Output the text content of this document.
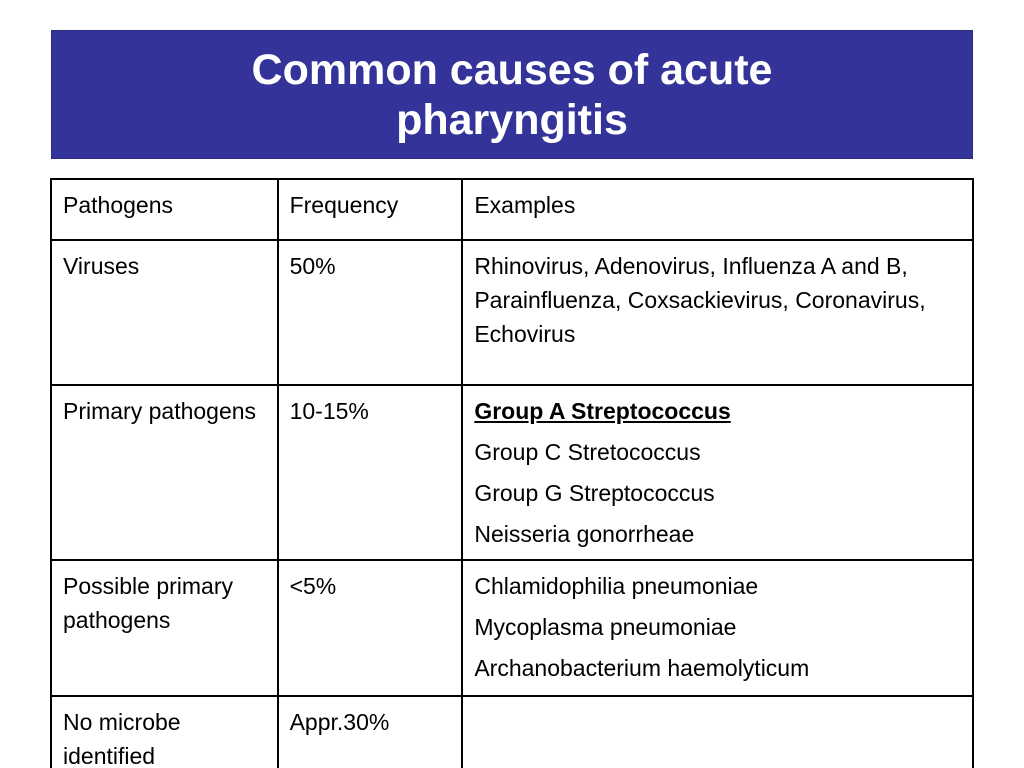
Common causes of acute pharyngitis
Pathogens	Frequency	Examples
Viruses	50%	Rhinovirus, Adenovirus, Influenza A and B, Parainfluenza, Coxsackievirus, Coronavirus, Echovirus
Primary pathogens	10-15%	Group A Streptococcus
Group C Stretococcus
Group G Streptococcus
Neisseria gonorrheae

Possible primary pathogens	<5%	Chlamidophilia pneumoniae
Mycoplasma pneumoniae
Archanobacterium haemolyticum

No microbe identified	Appr.30%	
